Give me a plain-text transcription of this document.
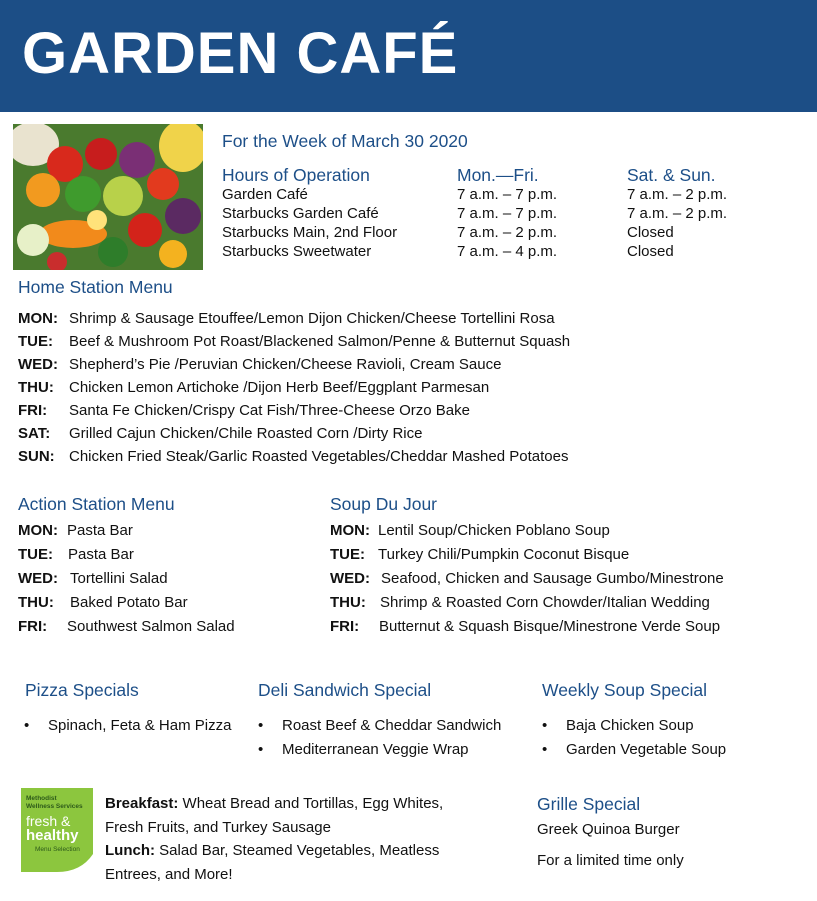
GARDEN CAFÉ
For the Week of March 30 2020
Hours of Operation	Mon.—Fri.	Sat. & Sun.
Garden Café	7 a.m. – 7 p.m.	7 a.m. – 2 p.m.
Starbucks Garden Café	7 a.m. – 7 p.m.	7 a.m. – 2 p.m.
Starbucks Main, 2nd Floor	7 a.m. – 2 p.m.	Closed
Starbucks Sweetwater	7 a.m. – 4 p.m.	Closed
Home Station Menu
MON: Shrimp & Sausage Etouffee/Lemon Dijon Chicken/Cheese Tortellini Rosa
TUE: Beef & Mushroom Pot Roast/Blackened Salmon/Penne & Butternut Squash
WED: Shepherd’s Pie /Peruvian Chicken/Cheese Ravioli, Cream Sauce
THU: Chicken Lemon Artichoke /Dijon Herb Beef/Eggplant Parmesan
FRI: Santa Fe Chicken/Crispy Cat Fish/Three-Cheese Orzo Bake
SAT: Grilled Cajun Chicken/Chile Roasted Corn /Dirty Rice
SUN: Chicken Fried Steak/Garlic Roasted Vegetables/Cheddar Mashed Potatoes
Action Station Menu
MON: Pasta Bar
TUE: Pasta Bar
WED: Tortellini Salad
THU: Baked Potato Bar
FRI: Southwest Salmon Salad
Soup Du Jour
MON: Lentil Soup/Chicken Poblano Soup
TUE: Turkey Chili/Pumpkin Coconut Bisque
WED: Seafood, Chicken and Sausage Gumbo/Minestrone
THU: Shrimp & Roasted Corn Chowder/Italian Wedding
FRI: Butternut & Squash Bisque/Minestrone Verde Soup
Pizza Specials
• Spinach, Feta & Ham Pizza
Deli Sandwich Special
• Roast Beef & Cheddar Sandwich
• Mediterranean Veggie Wrap
Weekly Soup Special
• Baja Chicken Soup
• Garden Vegetable Soup
Methodist
Wellness Services
fresh &
healthy
Menu Selection
Breakfast: Wheat Bread and Tortillas, Egg Whites,
Fresh Fruits, and Turkey Sausage
Lunch: Salad Bar, Steamed Vegetables, Meatless
Entrees, and More!
Grille Special
Greek Quinoa Burger
For a limited time only
